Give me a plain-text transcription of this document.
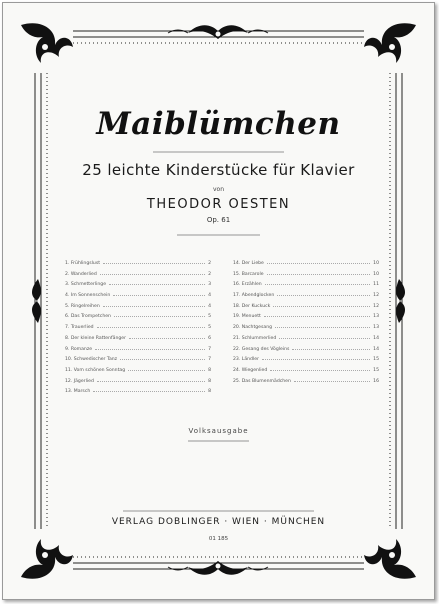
Maiblümchen
25 leichte Kinderstücke für Klavier
von
THEODOR OESTEN
Op. 61
1. Frühlingslust	2
2. Wanderlied	2
3. Schmetterlinge	3
4. Im Sonnenschein	4
5. Ringelreihen	4
6. Das Trompetchen	5
7. Trauerlied	5
8. Der kleine Rattenfänger	6
9. Romanze	7
10. Schwedischer Tanz	7
11. Vom schönen Sonntag	8
12. Jägerlied	8
13. Marsch	8
14. Der Liebe	10
15. Barcarole	10
16. Erzählen	11
17. Abendglocken	12
18. Der Kuckuck	12
19. Menuett	13
20. Nachtgesang	13
21. Schlummerlied	14
22. Gesang des Vögleins	14
23. Ländler	15
24. Wiegenlied	15
25. Das Blumenmädchen	16
Volksausgabe
VERLAG DOBLINGER · WIEN · MÜNCHEN
01 185
